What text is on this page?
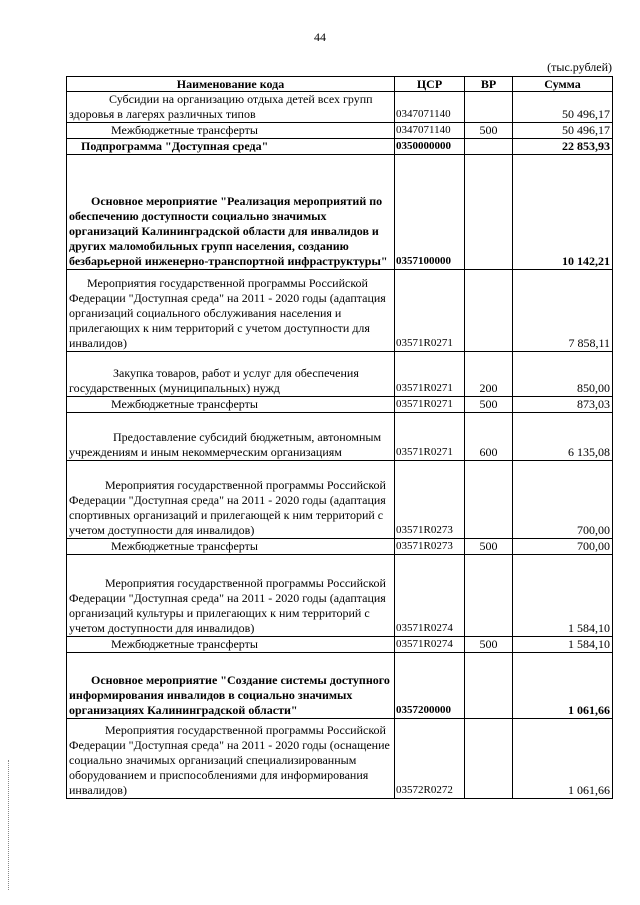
44
(тыс.рублей)
Наименование кода	ЦСР	ВР	Сумма
Субсидии на организацию отдыха детей всех групп здоровья в лагерях различных типов	0347071140		50 496,17
Межбюджетные трансферты	0347071140	500	50 496,17
Подпрограмма "Доступная среда"	0350000000		22 853,93
Основное мероприятие "Реализация мероприятий по обеспечению доступности социально значимых организаций Калининградской области для инвалидов и других маломобильных групп населения, созданию безбарьерной инженерно-транспортной инфраструктуры"	0357100000		10 142,21
Мероприятия государственной программы Российской Федерации "Доступная среда" на 2011 - 2020 годы (адаптация организаций социального обслуживания населения и прилегающих к ним территорий с учетом доступности для инвалидов)	03571R0271		7 858,11
Закупка товаров, работ и услуг для обеспечения государственных (муниципальных) нужд	03571R0271	200	850,00
Межбюджетные трансферты	03571R0271	500	873,03
Предоставление субсидий бюджетным, автономным учреждениям и иным некоммерческим организациям	03571R0271	600	6 135,08
Мероприятия государственной программы Российской Федерации "Доступная среда" на 2011 - 2020 годы (адаптация спортивных организаций и прилегающей к ним территорий с учетом доступности для инвалидов)	03571R0273		700,00
Межбюджетные трансферты	03571R0273	500	700,00
Мероприятия государственной программы Российской Федерации "Доступная среда" на 2011 - 2020 годы (адаптация организаций культуры и прилегающих к ним территорий с учетом доступности для инвалидов)	03571R0274		1 584,10
Межбюджетные трансферты	03571R0274	500	1 584,10
Основное мероприятие "Создание системы доступного информирования инвалидов в социально значимых организациях Калининградской области"	0357200000		1 061,66
Мероприятия государственной программы Российской Федерации "Доступная среда" на 2011 - 2020 годы (оснащение социально значимых организаций специализированным оборудованием и приспособлениями для информирования инвалидов)	03572R0272		1 061,66
